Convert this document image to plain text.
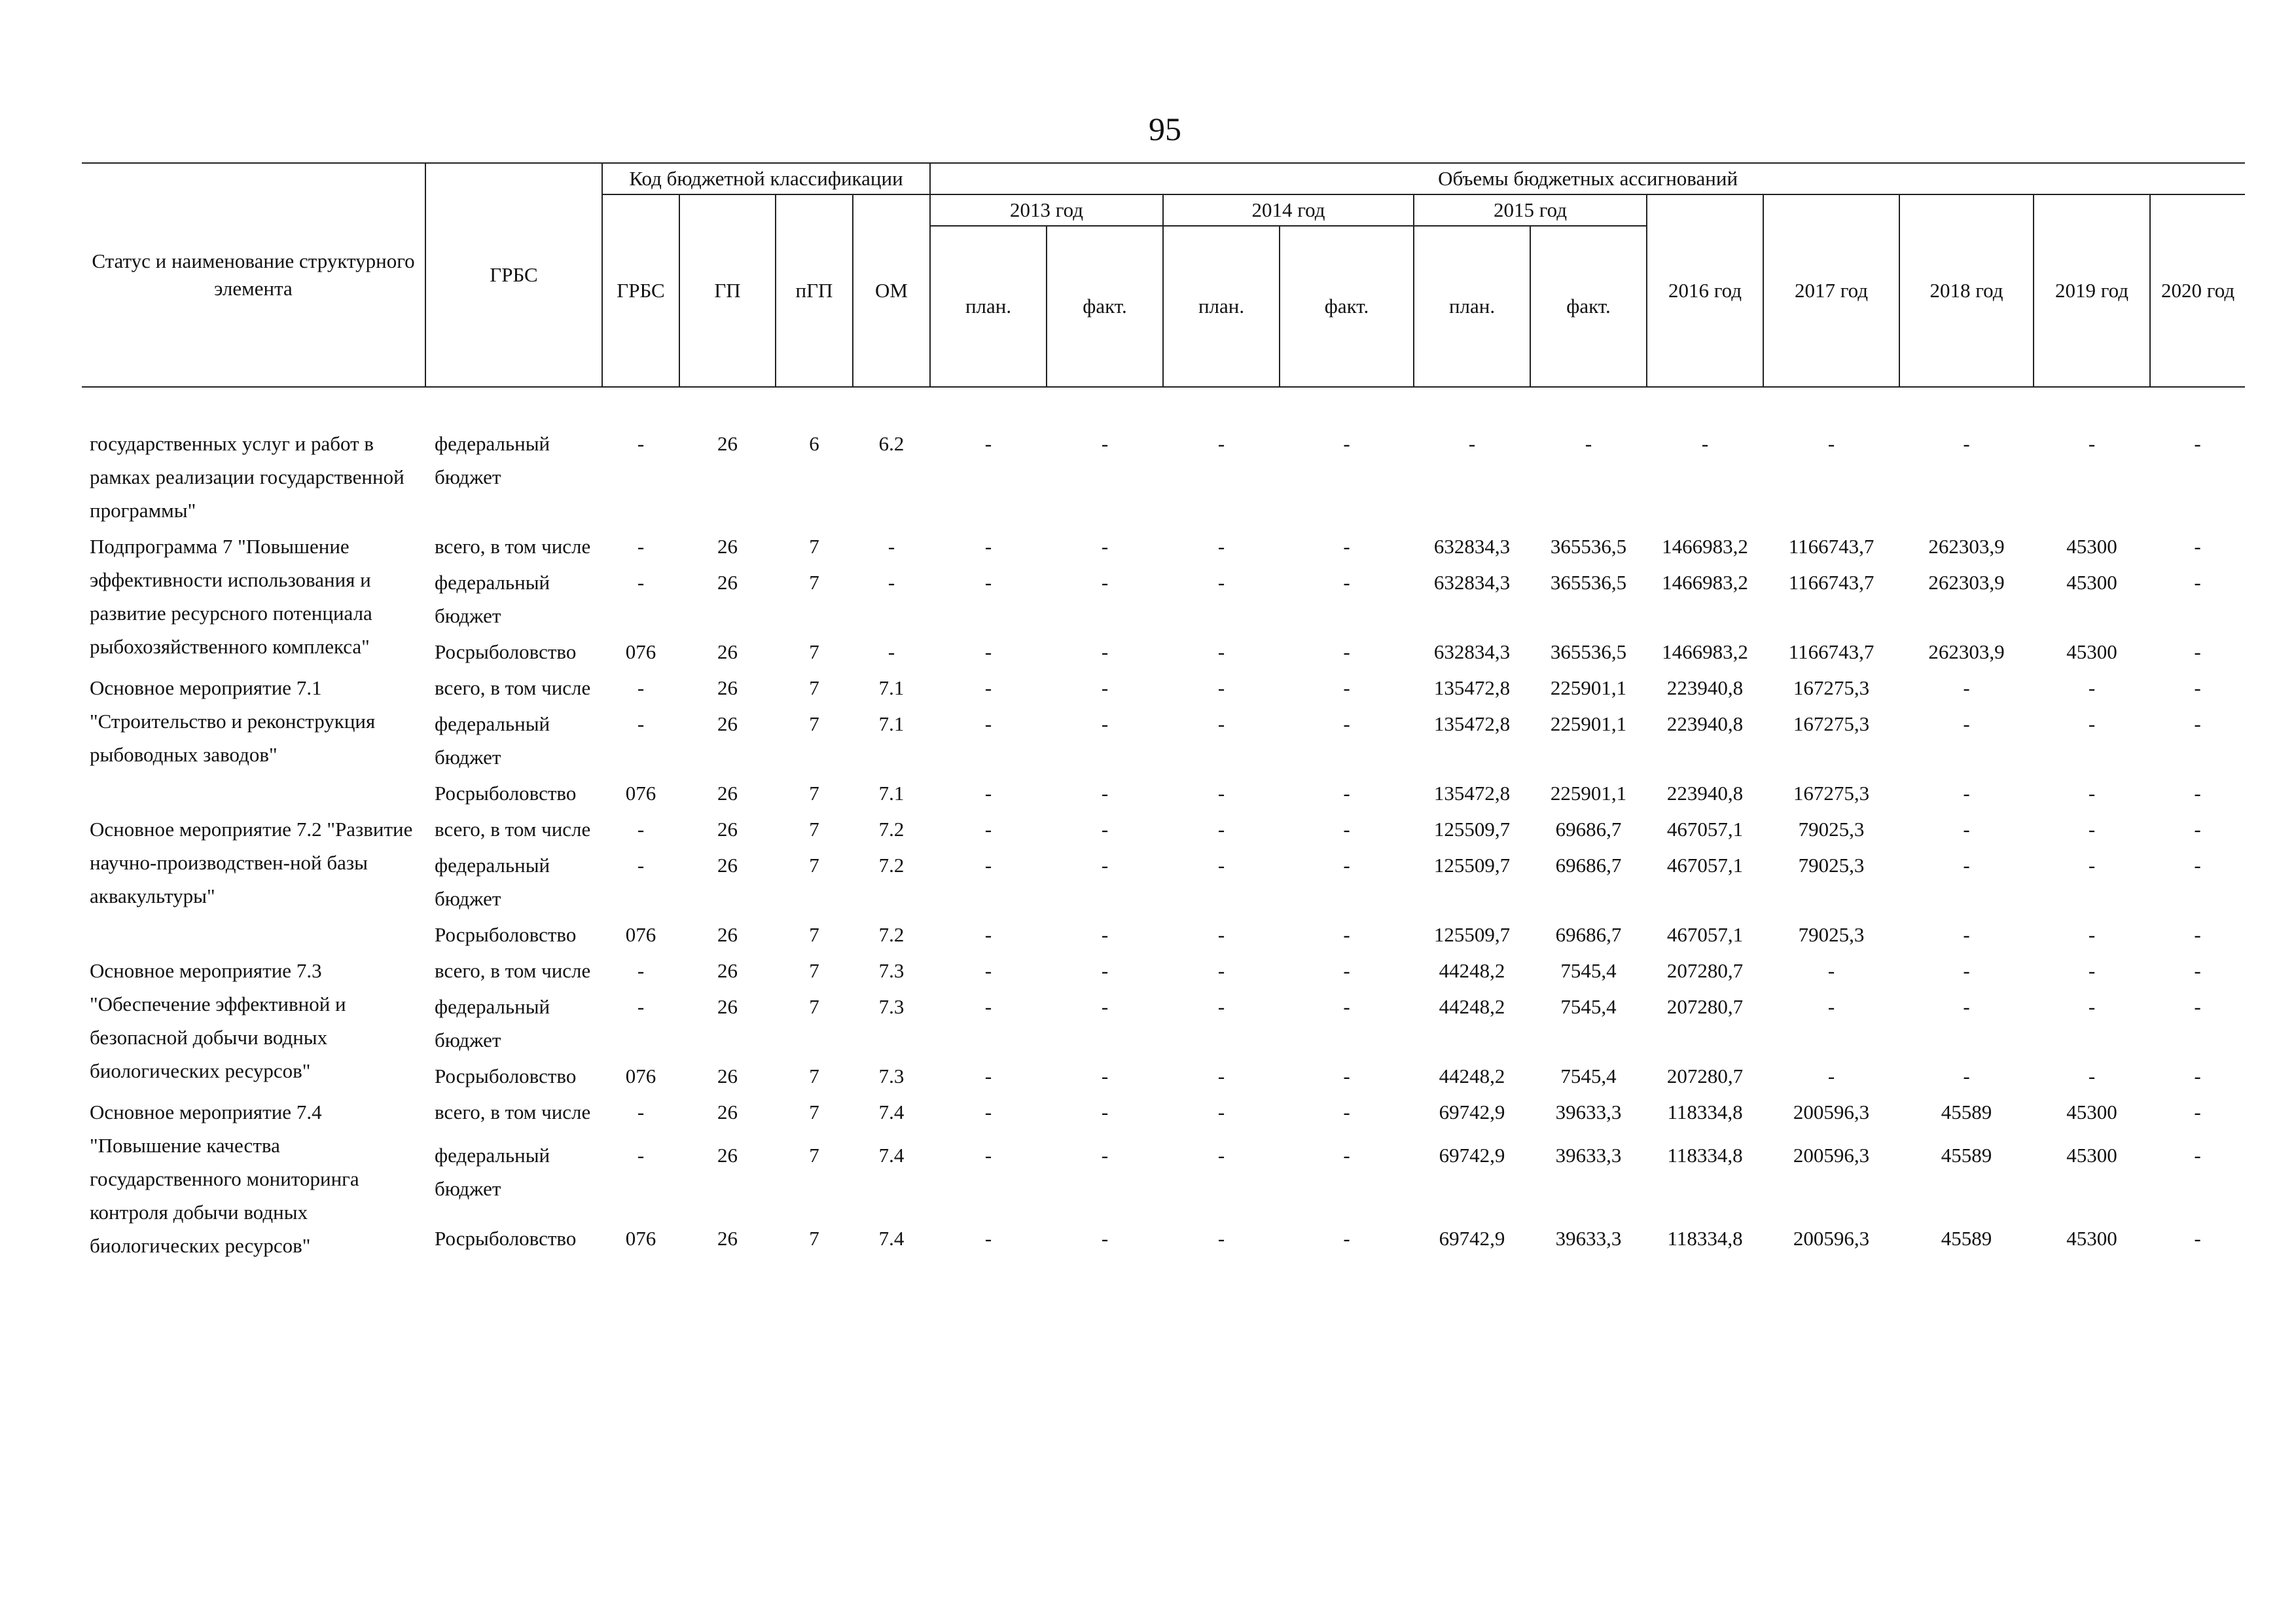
95
Статус и наименование структурного элемента	ГРБС	Код бюджетной классификации				Объемы бюджетных ассигнований										
		ГРБС	ГП	пГП	ОМ	2013 год		2014 год		2015 год		2016 год	2017 год	2018 год	2019 год	2020 год
						план.	факт.	план.	факт.	план.	факт.					

государственных услуг и работ в рамках реализации государственной программы"	федеральный бюджет	-	26	6	6.2	-	-	-	-	-	-	-	-	-	-	-
Подпрограмма 7 "Повышение эффективности использования и развитие ресурсного потенциала рыбохозяйственного комплекса"	всего, в том числе	-	26	7	-	-	-	-	-	632834,3	365536,5	1466983,2	1166743,7	262303,9	45300	-
	федеральный бюджет	-	26	7	-	-	-	-	-	632834,3	365536,5	1466983,2	1166743,7	262303,9	45300	-
	Росрыболовство	076	26	7	-	-	-	-	-	632834,3	365536,5	1466983,2	1166743,7	262303,9	45300	-
Основное мероприятие 7.1 "Строительство и реконструкция рыбоводных заводов"	всего, в том числе	-	26	7	7.1	-	-	-	-	135472,8	225901,1	223940,8	167275,3	-	-	-
	федеральный бюджет	-	26	7	7.1	-	-	-	-	135472,8	225901,1	223940,8	167275,3	-	-	-
	Росрыболовство	076	26	7	7.1	-	-	-	-	135472,8	225901,1	223940,8	167275,3	-	-	-
Основное мероприятие 7.2 "Развитие научно-производствен-ной базы аквакультуры"	всего, в том числе	-	26	7	7.2	-	-	-	-	125509,7	69686,7	467057,1	79025,3	-	-	-
	федеральный бюджет	-	26	7	7.2	-	-	-	-	125509,7	69686,7	467057,1	79025,3	-	-	-
	Росрыболовство	076	26	7	7.2	-	-	-	-	125509,7	69686,7	467057,1	79025,3	-	-	-
Основное мероприятие 7.3 "Обеспечение эффективной и безопасной добычи водных биологических ресурсов"	всего, в том числе	-	26	7	7.3	-	-	-	-	44248,2	7545,4	207280,7	-	-	-	-
	федеральный бюджет	-	26	7	7.3	-	-	-	-	44248,2	7545,4	207280,7	-	-	-	-
	Росрыболовство	076	26	7	7.3	-	-	-	-	44248,2	7545,4	207280,7	-	-	-	-
Основное мероприятие 7.4 "Повышение качества государственного мониторинга контроля добычи водных биологических ресурсов"	всего, в том числе	-	26	7	7.4	-	-	-	-	69742,9	39633,3	118334,8	200596,3	45589	45300	-
	федеральный бюджет	-	26	7	7.4	-	-	-	-	69742,9	39633,3	118334,8	200596,3	45589	45300	-
	Росрыболовство	076	26	7	7.4	-	-	-	-	69742,9	39633,3	118334,8	200596,3	45589	45300	-
